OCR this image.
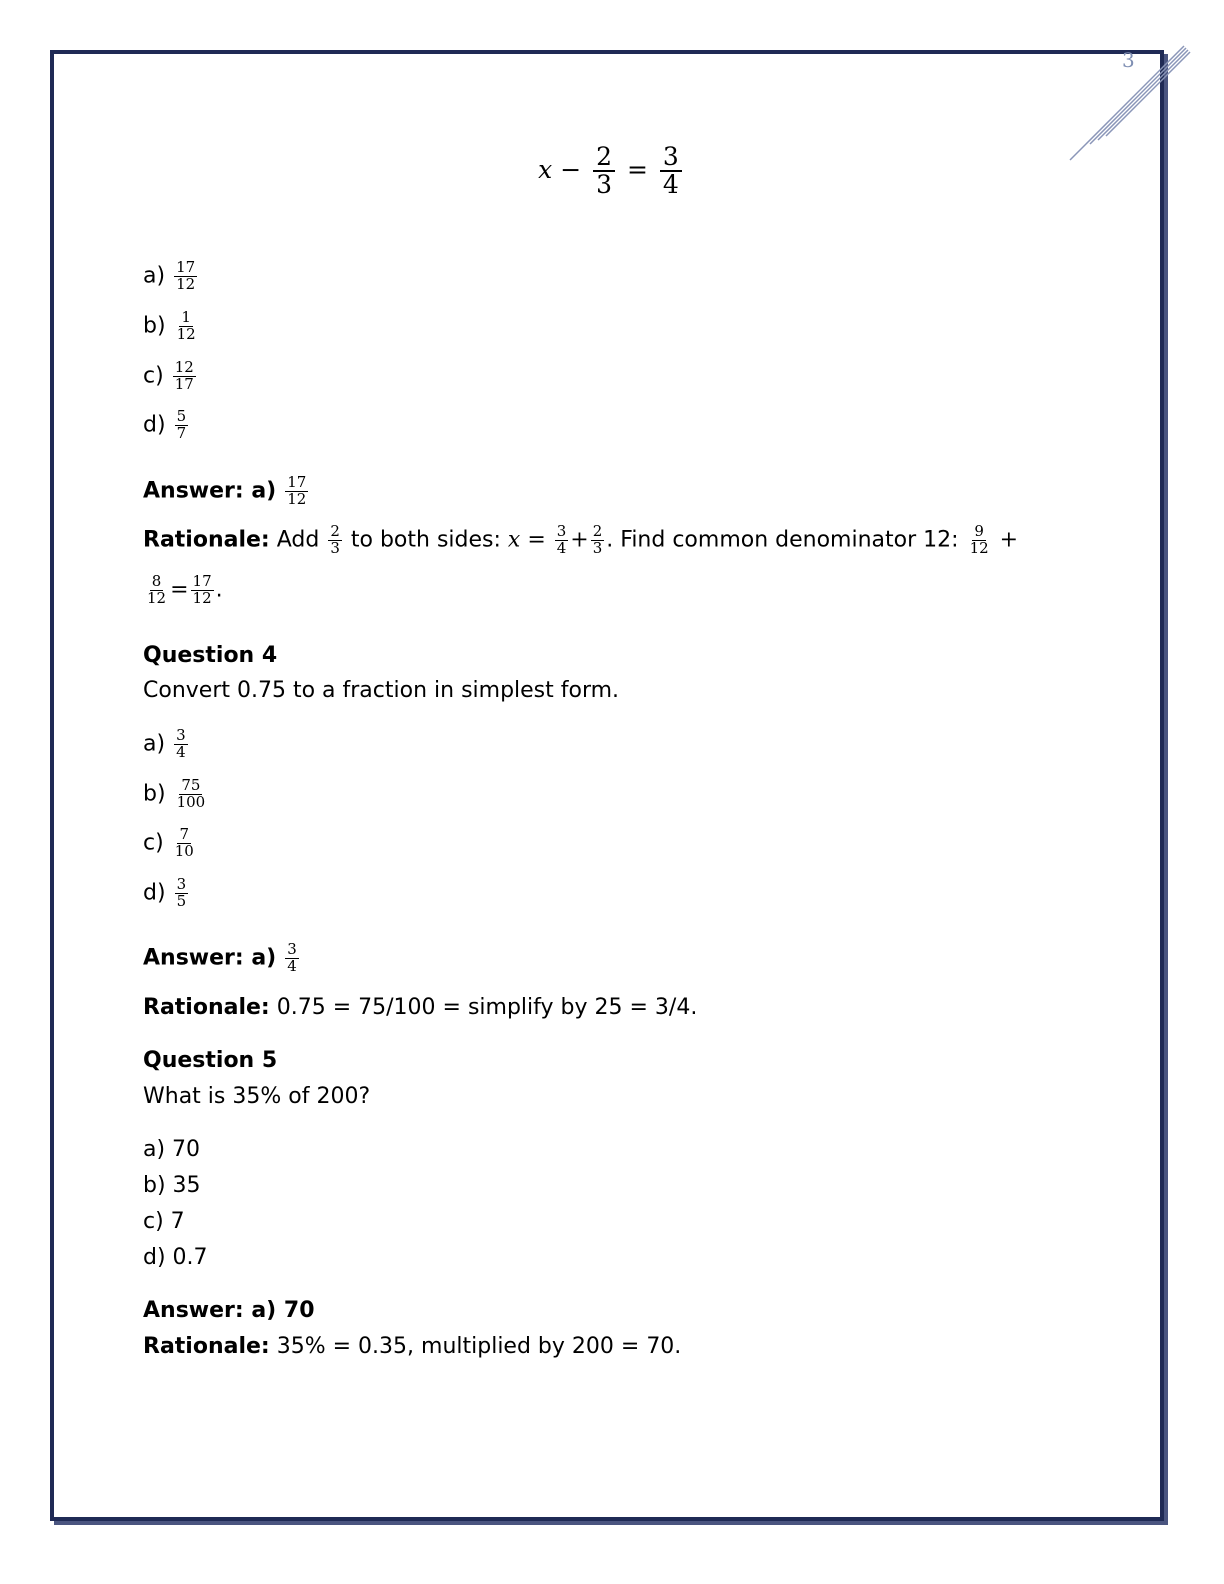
3
$x - \frac{2}{3} = \frac{3}{4}$
$a) \frac{17}{12}$
$b) \frac{1}{12}$
$c) \frac{12}{17}$
$d) \frac{5}{7}$
Answer: $a) \frac{17}{12}$
Rationale: Add $\frac{2}{3}$ to both sides: $x = \frac{3}{4} + \frac{2}{3}$ . Find common denominator 12: $\frac{9}{12}$ +
$\frac{8}{12} = \frac{17}{12}$ .
Question 4
Convert 0.75 to a fraction in simplest form.
$a) \frac{3}{4}$
$b) \frac{75}{100}$
$c) \frac{7}{10}$
$d) \frac{3}{5}$
Answer: $a) \frac{3}{4}$
Rationale: 0.75 = 75/100 = simplify by 25 = 3/4.
Question 5
What is 35% of 200?
a) 70
b) 35
c) 7
d) 0.7
Answer: a) 70
Rationale: 35% = 0.35, multiplied by 200 = 70.
